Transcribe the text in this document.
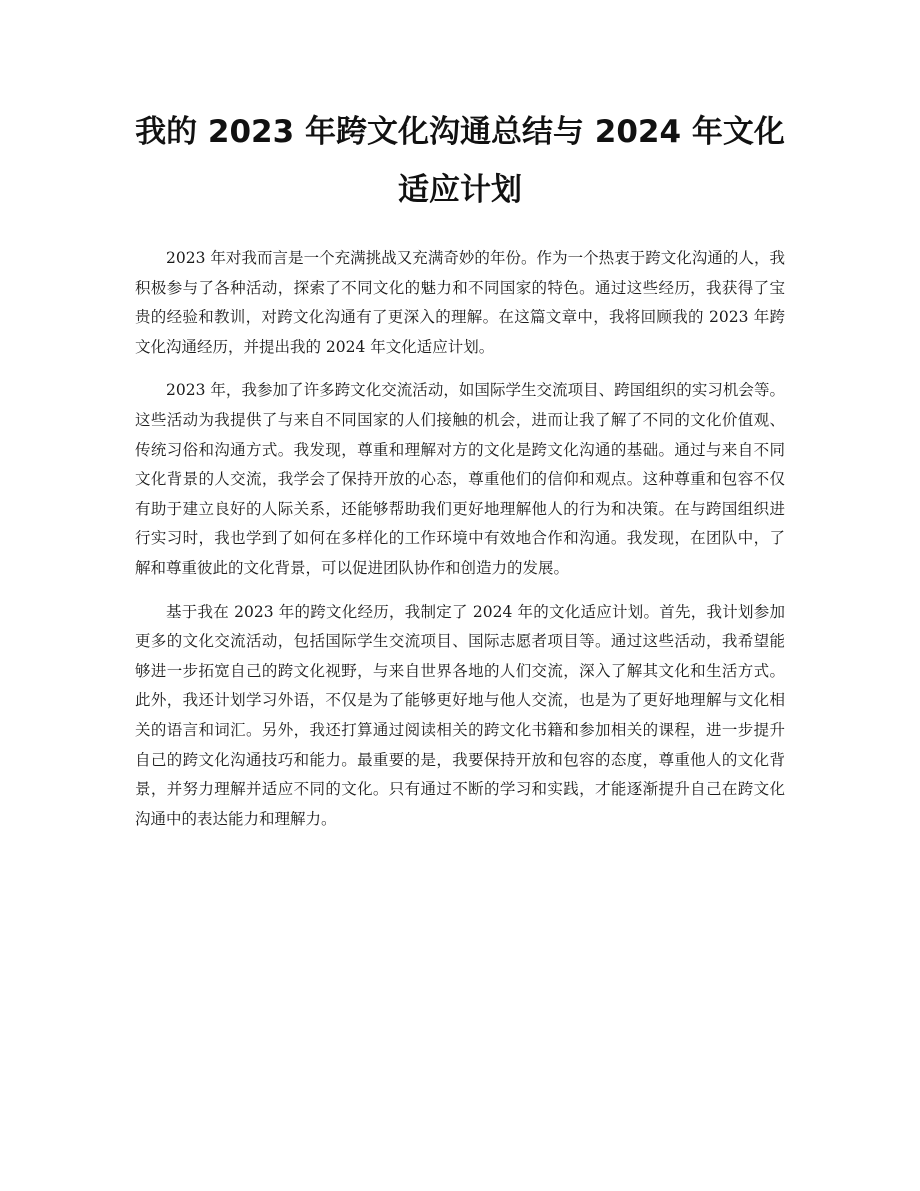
我的 2023 年跨文化沟通总结与 2024 年文化
适应计划

2023 年对我而言是一个充满挑战又充满奇妙的年份。作为一个热衷于跨文化沟通的人，我积极参与了各种活动，探索了不同文化的魅力和不同国家的特色。通过这些经历，我获得了宝贵的经验和教训，对跨文化沟通有了更深入的理解。在这篇文章中，我将回顾我的 2023 年跨文化沟通经历，并提出我的 2024 年文化适应计划。

2023 年，我参加了许多跨文化交流活动，如国际学生交流项目、跨国组织的实习机会等。这些活动为我提供了与来自不同国家的人们接触的机会，进而让我了解了不同的文化价值观、传统习俗和沟通方式。我发现，尊重和理解对方的文化是跨文化沟通的基础。通过与来自不同文化背景的人交流，我学会了保持开放的心态，尊重他们的信仰和观点。这种尊重和包容不仅有助于建立良好的人际关系，还能够帮助我们更好地理解他人的行为和决策。在与跨国组织进行实习时，我也学到了如何在多样化的工作环境中有效地合作和沟通。我发现，在团队中，了解和尊重彼此的文化背景，可以促进团队协作和创造力的发展。

基于我在 2023 年的跨文化经历，我制定了 2024 年的文化适应计划。首先，我计划参加更多的文化交流活动，包括国际学生交流项目、国际志愿者项目等。通过这些活动，我希望能够进一步拓宽自己的跨文化视野，与来自世界各地的人们交流，深入了解其文化和生活方式。此外，我还计划学习外语，不仅是为了能够更好地与他人交流，也是为了更好地理解与文化相关的语言和词汇。另外，我还打算通过阅读相关的跨文化书籍和参加相关的课程，进一步提升自己的跨文化沟通技巧和能力。最重要的是，我要保持开放和包容的态度，尊重他人的文化背景，并努力理解并适应不同的文化。只有通过不断的学习和实践，才能逐渐提升自己在跨文化沟通中的表达能力和理解力。
